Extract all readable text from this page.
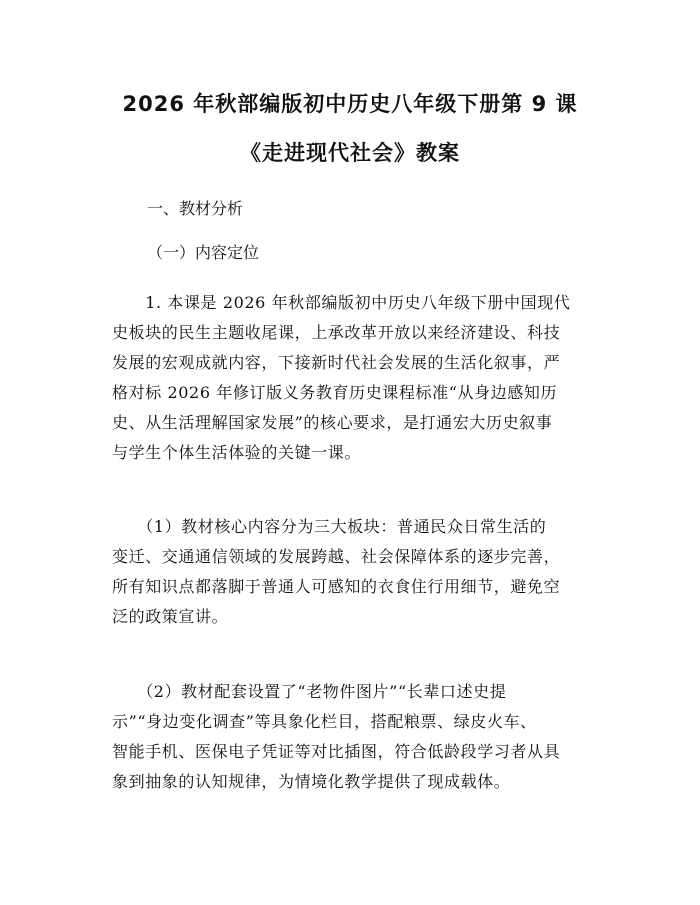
2026 年秋部编版初中历史八年级下册第 9 课
《走进现代社会》教案
一、教材分析
（一）内容定位
　　1. 本课是 2026 年秋部编版初中历史八年级下册中国现代
史板块的民生主题收尾课，上承改革开放以来经济建设、科技
发展的宏观成就内容，下接新时代社会发展的生活化叙事，严
格对标 2026 年修订版义务教育历史课程标准“从身边感知历
史、从生活理解国家发展”的核心要求，是打通宏大历史叙事
与学生个体生活体验的关键一课。
　　（1）教材核心内容分为三大板块：普通民众日常生活的
变迁、交通通信领域的发展跨越、社会保障体系的逐步完善，
所有知识点都落脚于普通人可感知的衣食住行用细节，避免空
泛的政策宣讲。
　　（2）教材配套设置了“老物件图片”“长辈口述史提
示”“身边变化调查”等具象化栏目，搭配粮票、绿皮火车、
智能手机、医保电子凭证等对比插图，符合低龄段学习者从具
象到抽象的认知规律，为情境化教学提供了现成载体。
